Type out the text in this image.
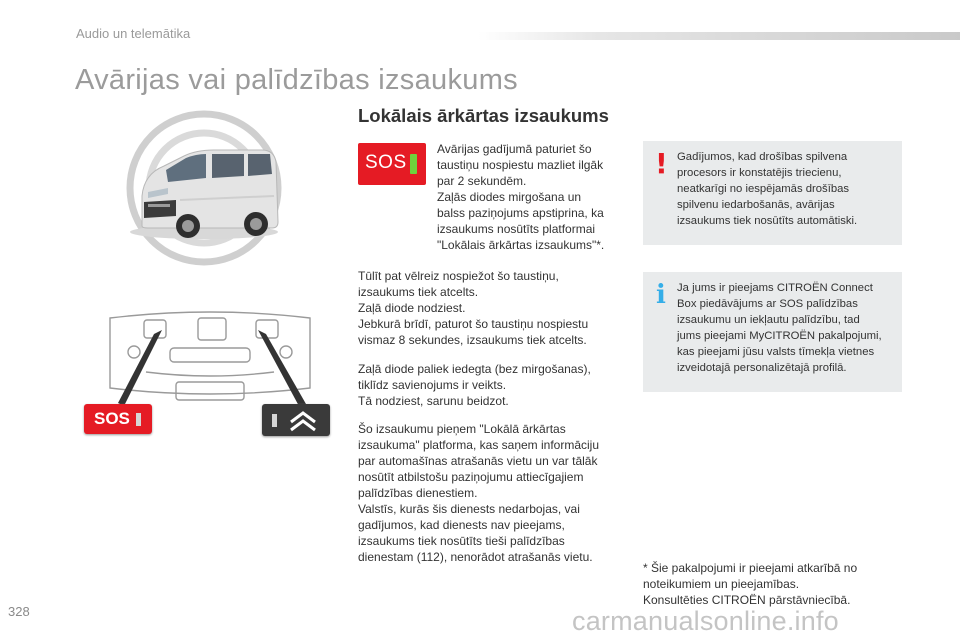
Audio un telemātika
Avārijas vai palīdzības izsaukums
SOS
Lokālais ārkārtas izsaukums
SOS
Avārijas gadījumā paturiet šo
taustiņu nospiestu mazliet ilgāk
par 2 sekundēm.
Zaļās diodes mirgošana un
balss paziņojums apstiprina, ka
izsaukums nosūtīts platformai
"Lokālais ārkārtas izsaukums"*.
Tūlīt pat vēlreiz nospiežot šo taustiņu,
izsaukums tiek atcelts.
Zaļā diode nodziest.
Jebkurā brīdī, paturot šo taustiņu nospiestu
vismaz 8 sekundes, izsaukums tiek atcelts.
Zaļā diode paliek iedegta (bez mirgošanas),
tiklīdz savienojums ir veikts.
Tā nodziest, sarunu beidzot.
Šo izsaukumu pieņem "Lokālā ārkārtas
izsaukuma" platforma, kas saņem informāciju
par automašīnas atrašanās vietu un var tālāk
nosūtīt atbilstošu paziņojumu attiecīgajiem
palīdzības dienestiem.
Valstīs, kurās šis dienests nedarbojas, vai
gadījumos, kad dienests nav pieejams,
izsaukums tiek nosūtīts tieši palīdzības
dienestam (112), nenorādot atrašanās vietu.
! Gadījumos, kad drošības spilvena
procesors ir konstatējis triecienu,
neatkarīgi no iespējamās drošības
spilvenu iedarbošanās, avārijas
izsaukums tiek nosūtīts automātiski.
i Ja jums ir pieejams CITROËN Connect
Box piedāvājums ar SOS palīdzības
izsaukumu un iekļautu palīdzību, tad
jums pieejami MyCITROËN pakalpojumi,
kas pieejami jūsu valsts tīmekļa vietnes
izveidotajā personalizētajā profilā.
* Šie pakalpojumi ir pieejami atkarībā no
noteikumiem un pieejamības.
Konsultēties CITROËN pārstāvniecībā.
328	carmanualsonline.info
